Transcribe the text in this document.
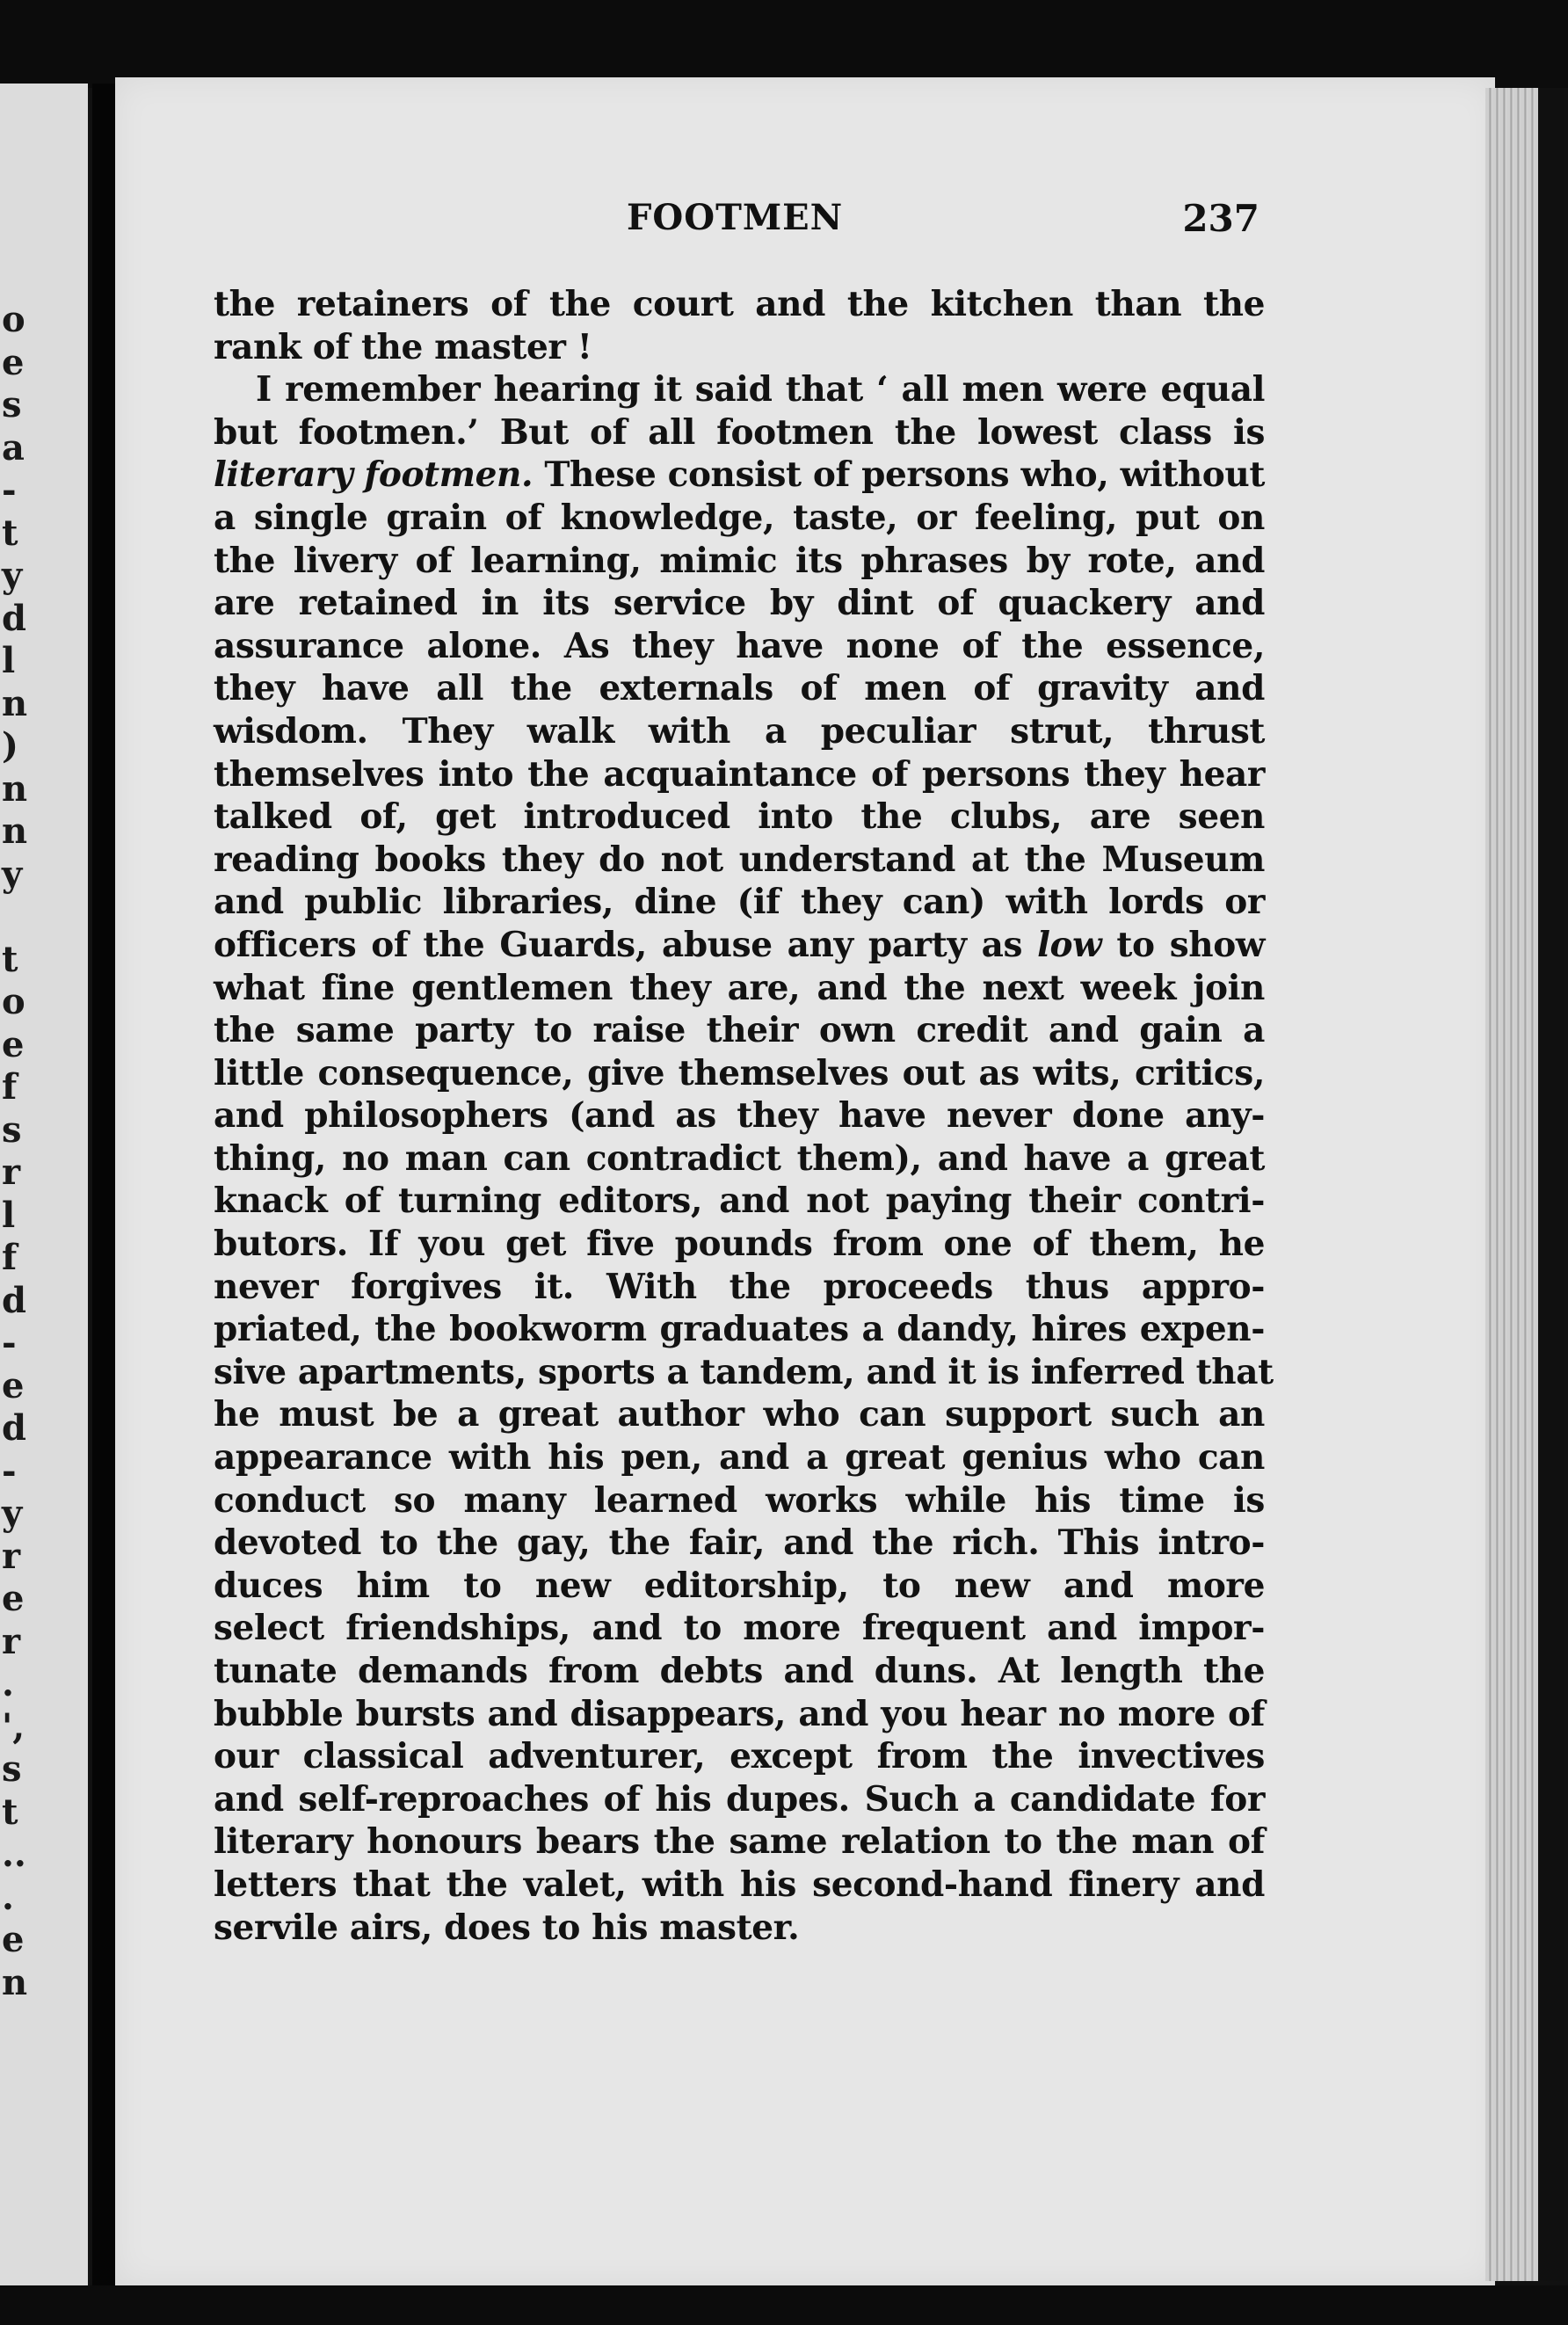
o
e
s
a
-
t
y
d
l
n
)
n
n
y
t
o
e
f
s
r
l
f
d
-
e
d
-
y
r
e
r
.
',
s
t
..
.
e
n
FOOTMEN	237
the retainers of the court and the kitchen than the
rank of the master !
I remember hearing it said that ‘ all men were equal
but footmen.’ But of all footmen the lowest class is
literary footmen. These consist of persons who, without
a single grain of knowledge, taste, or feeling, put on
the livery of learning, mimic its phrases by rote, and
are retained in its service by dint of quackery and
assurance alone. As they have none of the essence,
they have all the externals of men of gravity and
wisdom. They walk with a peculiar strut, thrust
themselves into the acquaintance of persons they hear
talked of, get introduced into the clubs, are seen
reading books they do not understand at the Museum
and public libraries, dine (if they can) with lords or
officers of the Guards, abuse any party as low to show
what fine gentlemen they are, and the next week join
the same party to raise their own credit and gain a
little consequence, give themselves out as wits, critics,
and philosophers (and as they have never done any-
thing, no man can contradict them), and have a great
knack of turning editors, and not paying their contri-
butors. If you get five pounds from one of them, he
never forgives it. With the proceeds thus appro-
priated, the bookworm graduates a dandy, hires expen-
sive apartments, sports a tandem, and it is inferred that
he must be a great author who can support such an
appearance with his pen, and a great genius who can
conduct so many learned works while his time is
devoted to the gay, the fair, and the rich. This intro-
duces him to new editorship, to new and more
select friendships, and to more frequent and impor-
tunate demands from debts and duns. At length the
bubble bursts and disappears, and you hear no more of
our classical adventurer, except from the invectives
and self-reproaches of his dupes. Such a candidate for
literary honours bears the same relation to the man of
letters that the valet, with his second-hand finery and
servile airs, does to his master.
